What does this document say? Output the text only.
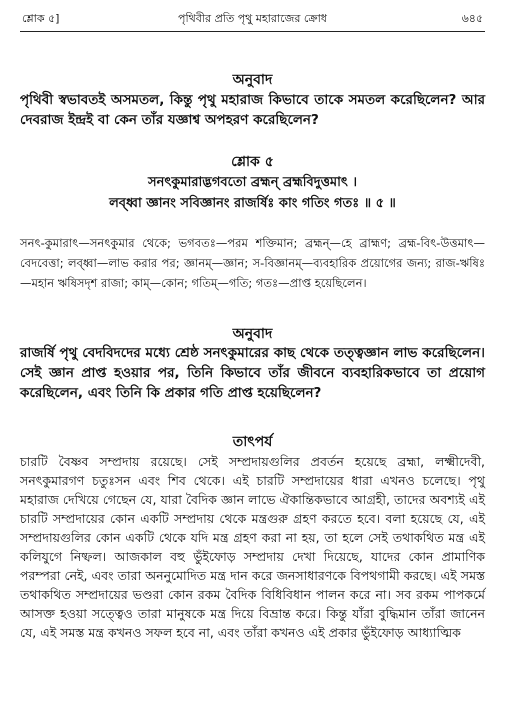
শ্লোক ৫]	পৃথিবীর প্রতি পৃথু মহারাজের ক্রোধ	৬৪৫
অনুবাদ

পৃথিবী স্বভাবতই অসমতল, কিন্তু পৃথু মহারাজ কিভাবে তাকে সমতল করেছিলেন? আর দেবরাজ ইন্দ্রই বা কেন তাঁর যজ্ঞাশ্ব অপহরণ করেছিলেন?

শ্লোক ৫
সনৎকুমারাদ্ভগবতো ব্রহ্মন্ ব্রহ্মবিদুত্তমাৎ ।
লব্ধ্বা জ্ঞানং সবিজ্ঞানং রাজর্ষিঃ কাং গতিং গতঃ ॥ ৫ ॥

সনৎ-কুমারাৎ—সনৎকুমার থেকে; ভগবতঃ—পরম শক্তিমান; ব্রহ্মন্—হে ব্রাহ্মণ; ব্রহ্ম-বিৎ-উত্তমাৎ—বেদবেত্তা; লব্ধ্বা—লাভ করার পর; জ্ঞানম্—জ্ঞান; স-বিজ্ঞানম্—ব্যবহারিক প্রয়োগের জন্য; রাজ-ঋষিঃ—মহান ঋষিসদৃশ রাজা; কাম্—কোন; গতিম্—গতি; গতঃ—প্রাপ্ত হয়েছিলেন।

অনুবাদ

রাজর্ষি পৃথু বেদবিদদের মধ্যে শ্রেষ্ঠ সনৎকুমারের কাছ থেকে তত্ত্বজ্ঞান লাভ করেছিলেন। সেই জ্ঞান প্রাপ্ত হওয়ার পর, তিনি কিভাবে তাঁর জীবনে ব্যবহারিকভাবে তা প্রয়োগ করেছিলেন, এবং তিনি কি প্রকার গতি প্রাপ্ত হয়েছিলেন?

তাৎপর্য

চারটি বৈষ্ণব সম্প্রদায় রয়েছে। সেই সম্প্রদায়গুলির প্রবর্তন হয়েছে ব্রহ্মা, লক্ষ্মীদেবী, সনৎকুমারগণ চতুঃসন এবং শিব থেকে। এই চারটি সম্প্রদায়ের ধারা এখনও চলেছে। পৃথু মহারাজ দেখিয়ে গেছেন যে, যারা বৈদিক জ্ঞান লাভে ঐকান্তিকভাবে আগ্রহী, তাদের অবশ্যই এই চারটি সম্প্রদায়ের কোন একটি সম্প্রদায় থেকে মন্ত্রগুরু গ্রহণ করতে হবে। বলা হয়েছে যে, এই সম্প্রদায়গুলির কোন একটি থেকে যদি মন্ত্র গ্রহণ করা না হয়, তা হলে সেই তথাকথিত মন্ত্র এই কলিযুগে নিষ্ফল। আজকাল বহু ভুঁইফোড় সম্প্রদায় দেখা দিয়েছে, যাদের কোন প্রামাণিক পরম্পরা নেই, এবং তারা অননুমোদিত মন্ত্র দান করে জনসাধারণকে বিপথগামী করছে। এই সমস্ত তথাকথিত সম্প্রদায়ের ভণ্ডরা কোন রকম বৈদিক বিধিবিধান পালন করে না। সব রকম পাপকর্মে আসক্ত হওয়া সত্ত্বেও তারা মানুষকে মন্ত্র দিয়ে বিভ্রান্ত করে। কিন্তু যাঁরা বুদ্ধিমান তাঁরা জানেন যে, এই সমস্ত মন্ত্র কখনও সফল হবে না, এবং তাঁরা কখনও এই প্রকার ভুঁইফোড় আধ্যাত্মিক
